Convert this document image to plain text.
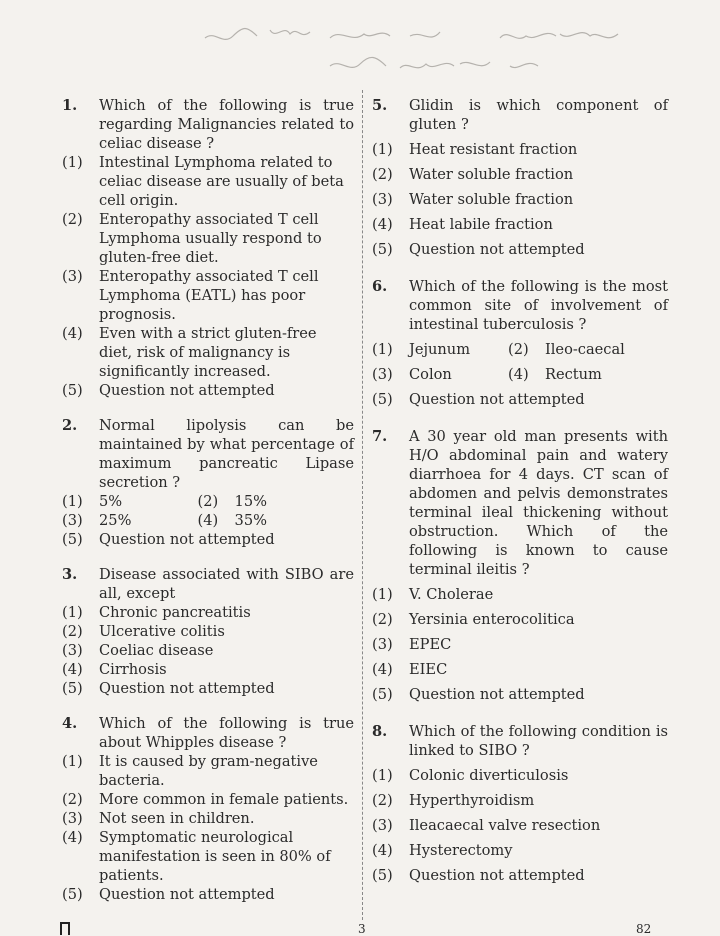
1. Which of the following is true regarding Malignancies related to celiac disease ?
(1) Intestinal Lymphoma related to celiac disease are usually of beta cell origin.
(2) Enteropathy associated T cell Lymphoma usually respond to gluten-free diet.
(3) Enteropathy associated T cell Lymphoma (EATL) has poor prognosis.
(4) Even with a strict gluten-free diet, risk of malignancy is significantly increased.
(5) Question not attempted
2. Normal lipolysis can be maintained by what percentage of maximum pancreatic Lipase secretion ?
(1) 5%	(2) 15%
(3) 25%	(4) 35%
(5) Question not attempted
3. Disease associated with SIBO are all, except
(1) Chronic pancreatitis
(2) Ulcerative colitis
(3) Coeliac disease
(4) Cirrhosis
(5) Question not attempted
4. Which of the following is true about Whipples disease ?
(1) It is caused by gram-negative bacteria.
(2) More common in female patients.
(3) Not seen in children.
(4) Symptomatic neurological manifestation is seen in 80% of patients.
(5) Question not attempted
5. Glidin is which component of gluten ?
(1) Heat resistant fraction
(2) Water soluble fraction
(3) Water soluble fraction
(4) Heat labile fraction
(5) Question not attempted
6. Which of the following is the most common site of involvement of intestinal tuberculosis ?
(1) Jejunum	(2) Ileo-caecal
(3) Colon	(4) Rectum
(5) Question not attempted
7. A 30 year old man presents with H/O abdominal pain and watery diarrhoea for 4 days. CT scan of abdomen and pelvis demonstrates terminal ileal thickening without obstruction. Which of the following is known to cause terminal ileitis ?
(1) V. Cholerae
(2) Yersinia enterocolitica
(3) EPEC
(4) EIEC
(5) Question not attempted
8. Which of the following condition is linked to SIBO ?
(1) Colonic diverticulosis
(2) Hyperthyroidism
(3) Ileacaecal valve resection
(4) Hysterectomy
(5) Question not attempted
3	82
